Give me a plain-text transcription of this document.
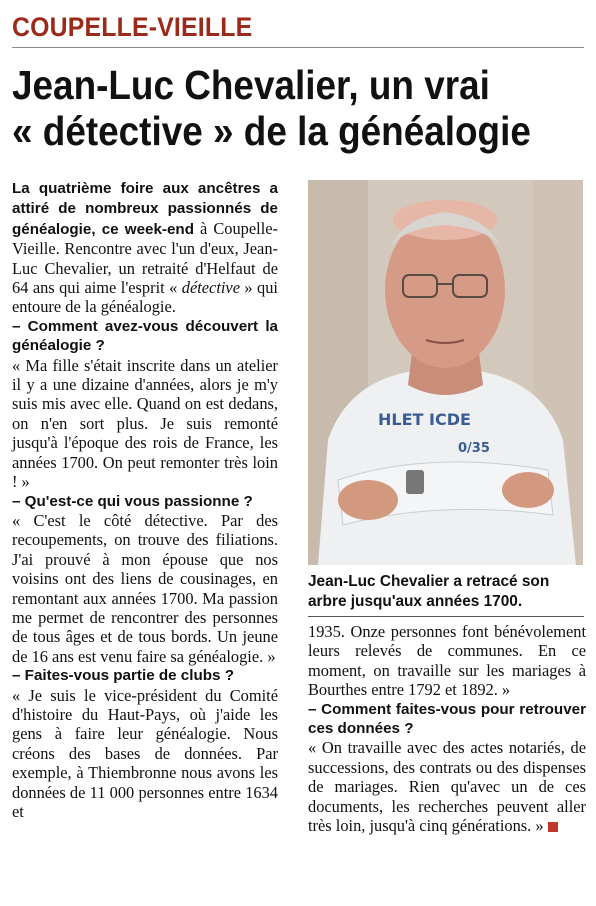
COUPELLE-VIEILLE
Jean-Luc Chevalier, un vrai
« détective » de la généalogie

La quatrième foire aux ancêtres a attiré de nombreux passionnés de généalogie, ce week-end à Coupelle-Vieille. Rencontre avec l'un d'eux, Jean-Luc Chevalier, un retraité d'Helfaut de 64 ans qui aime l'esprit « détective » qui entoure de la généalogie.

– Comment avez-vous découvert la généalogie ?

« Ma fille s'était inscrite dans un atelier il y a une dizaine d'années, alors je m'y suis mis avec elle. Quand on est dedans, on n'en sort plus. Je suis remonté jusqu'à l'époque des rois de France, les années 1700. On peut remonter très loin ! »

– Qu'est-ce qui vous passionne ?

« C'est le côté détective. Par des recoupements, on trouve des filiations. J'ai prouvé à mon épouse que nos voisins ont des liens de cousinages, en remontant aux années 1700. Ma passion me permet de rencontrer des personnes de tous âges et de tous bords. Un jeune de 16 ans est venu faire sa généalogie. »

– Faites-vous partie de clubs ?

« Je suis le vice-président du Comité d'histoire du Haut-Pays, où j'aide les gens à faire leur généalogie. Nous créons des bases de données. Par exemple, à Thiembronne nous avons les données de 11 000 personnes entre 1634 et

HLET ICDE
0/35
Jean-Luc Chevalier a retracé son arbre jusqu'aux années 1700.

1935. Onze personnes font bénévolement leurs relevés de communes. En ce moment, on travaille sur les mariages à Bourthes entre 1792 et 1892. »

– Comment faites-vous pour retrouver ces données ?

« On travaille avec des actes notariés, de successions, des contrats ou des dispenses de mariages. Rien qu'avec un de ces documents, les recherches peuvent aller très loin, jusqu'à cinq générations. »
